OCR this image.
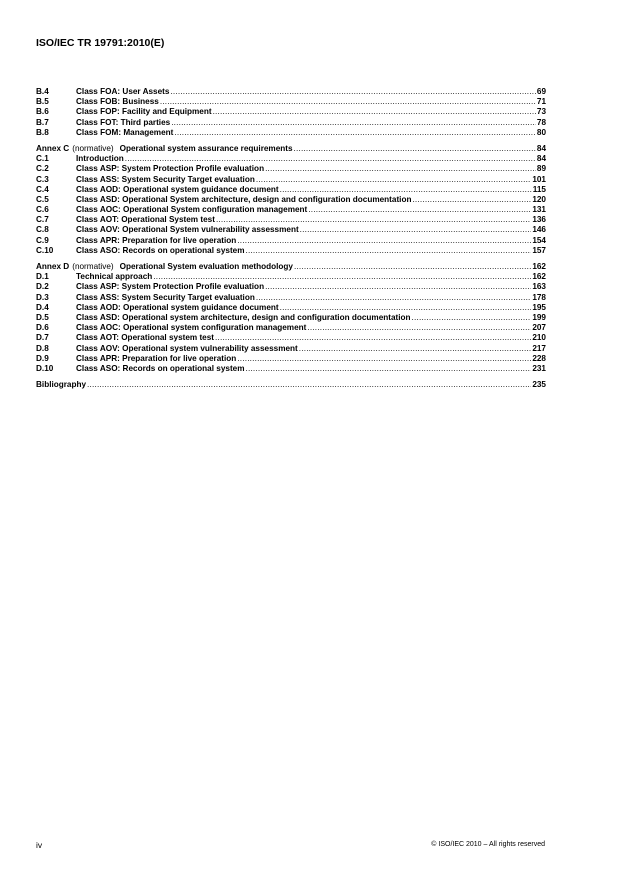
ISO/IEC TR 19791:2010(E)
B.4	Class FOA: User Assets .....	69
B.5	Class FOB: Business .....	71
B.6	Class FOP: Facility and Equipment .....	73
B.7	Class FOT: Third parties .....	78
B.8	Class FOM: Management .....	80
Annex C (normative) Operational system assurance requirements .....	84
C.1	Introduction .....	84
C.2	Class ASP: System Protection Profile evaluation .....	89
C.3	Class ASS: System Security Target evaluation .....	101
C.4	Class AOD: Operational system guidance document .....	115
C.5	Class ASD: Operational System architecture, design and configuration documentation .....	120
C.6	Class AOC: Operational System configuration management .....	131
C.7	Class AOT: Operational System test .....	136
C.8	Class AOV: Operational System vulnerability assessment .....	146
C.9	Class APR: Preparation for live operation .....	154
C.10	Class ASO: Records on operational system .....	157
Annex D (normative) Operational System evaluation methodology .....	162
D.1	Technical approach .....	162
D.2	Class ASP: System Protection Profile evaluation .....	163
D.3	Class ASS: System Security Target evaluation .....	178
D.4	Class AOD: Operational system guidance document .....	195
D.5	Class ASD: Operational system architecture, design and configuration documentation .....	199
D.6	Class AOC: Operational system configuration management .....	207
D.7	Class AOT: Operational system test .....	210
D.8	Class AOV: Operational system vulnerability assessment .....	217
D.9	Class APR: Preparation for live operation .....	228
D.10	Class ASO: Records on operational system .....	231
Bibliography .....	235
iv	© ISO/IEC 2010 – All rights reserved
